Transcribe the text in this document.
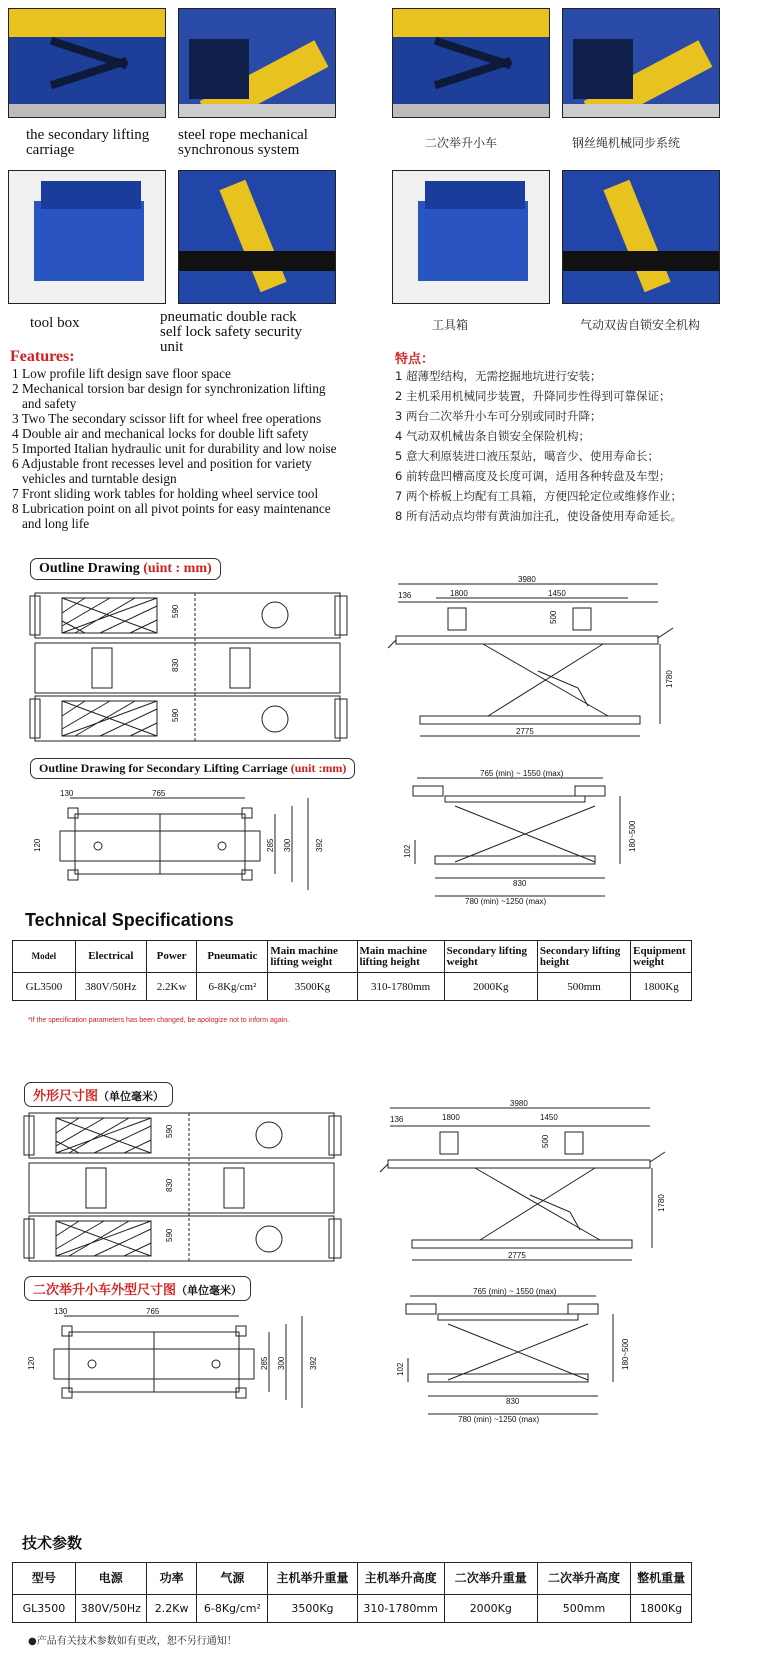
the secondary lifting
carriage
steel rope mechanical
synchronous system	二次举升小车	钢丝绳机械同步系统
tool box	pneumatic double rack
self lock safety security
unit
工具箱	气动双齿自锁安全机构
Features:
1 Low profile lift design save floor space
2 Mechanical torsion bar design for synchronization lifting
and safety
3 Two The secondary scissor lift for wheel free operations
4 Double air and mechanical locks for double lift safety
5 Imported Italian hydraulic unit for durability and low noise
6 Adjustable front recesses level and position for variety
vehicles and turntable design
7 Front sliding work tables for holding wheel service tool
8 Lubrication point on all pivot points for easy maintenance
and long life
特点：
1 超薄型结构，无需挖掘地坑进行安装；
2 主机采用机械同步装置，升降同步性得到可靠保证；
3 两台二次举升小车可分别或同时升降；
4 气动双机械齿条自锁安全保险机构；
5 意大利原装进口液压泵站，噶音少、使用寿命长；
6 前转盘凹槽高度及长度可调，适用各种转盘及车型；
7 两个桥板上均配有工具箱，方便四轮定位或维修作业；
8 所有活动点均带有黄油加注孔，使设备使用寿命延长。
Outline Drawing (uint : mm)
590
830
590
3980
136	1800	1450
500
1780
2775
Outline Drawing for Secondary Lifting Carriage (unit :mm)
130	765
120	285 300	392
765 (min) ~ 1550 (max)
102	180~500
830
780 (min) ~1250 (max)
Technical Specifications
Model	Electrical	Power	Pneumatic	Main machine
lifting weight	Main machine
lifting height	Secondary lifting
weight	Secondary lifting
height	Equipment
weight
GL3500	380V/50Hz	2.2Kw	6-8Kg/cm²	3500Kg	310-1780mm	2000Kg	500mm	1800Kg
*If the specification parameters has been changed, be apologize not to inform again.
外形尺寸图（单位毫米）
590
830
590
3980
136	1800	1450
500
1780
2775
二次举升小车外型尺寸图（单位毫米）
130	765
120	285 300	392
765 (min) ~ 1550 (max)
102	180~500
830
780 (min) ~1250 (max)
技术参数
型号	电源	功率	气源	主机举升重量	主机举升高度	二次举升重量	二次举升高度	整机重量
GL3500	380V/50Hz	2.2Kw	6-8Kg/cm²	3500Kg	310-1780mm	2000Kg	500mm	1800Kg
●产品有关技术参数如有更改，恕不另行通知！
